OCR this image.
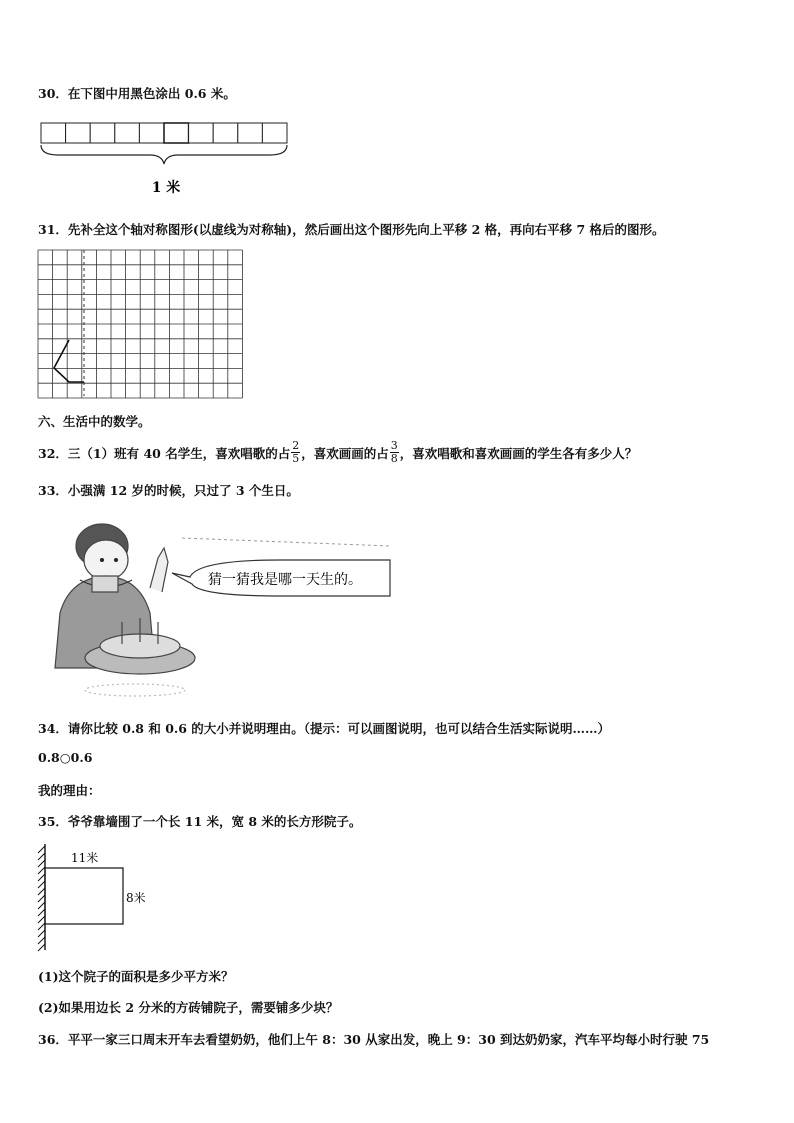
30．在下图中用黑色涂出 0.6 米。
1 米
31．先补全这个轴对称图形(以虚线为对称轴)，然后画出这个图形先向上平移 2 格，再向右平移 7 格后的图形。
六、生活中的数学。
32．三（1）班有 40 名学生，喜欢唱歌的占 $\frac{2}{5}$ ，喜欢画画的占 $\frac{3}{8}$ ，喜欢唱歌和喜欢画画的学生各有多少人？
33．小强满 12 岁的时候，只过了 3 个生日。
猜一猜我是哪一天生的。
34．请你比较 0.8 和 0.6 的大小并说明理由。（提示：可以画图说明，也可以结合生活实际说明……）
0.8○0.6
我的理由：
35．爷爷靠墙围了一个长 11 米，宽 8 米的长方形院子。
11米
8米
(1)这个院子的面积是多少平方米？
(2)如果用边长 2 分米的方砖铺院子，需要铺多少块？
36．平平一家三口周末开车去看望奶奶，他们上午 8：30 从家出发，晚上 9：30 到达奶奶家，汽车平均每小时行驶 75
